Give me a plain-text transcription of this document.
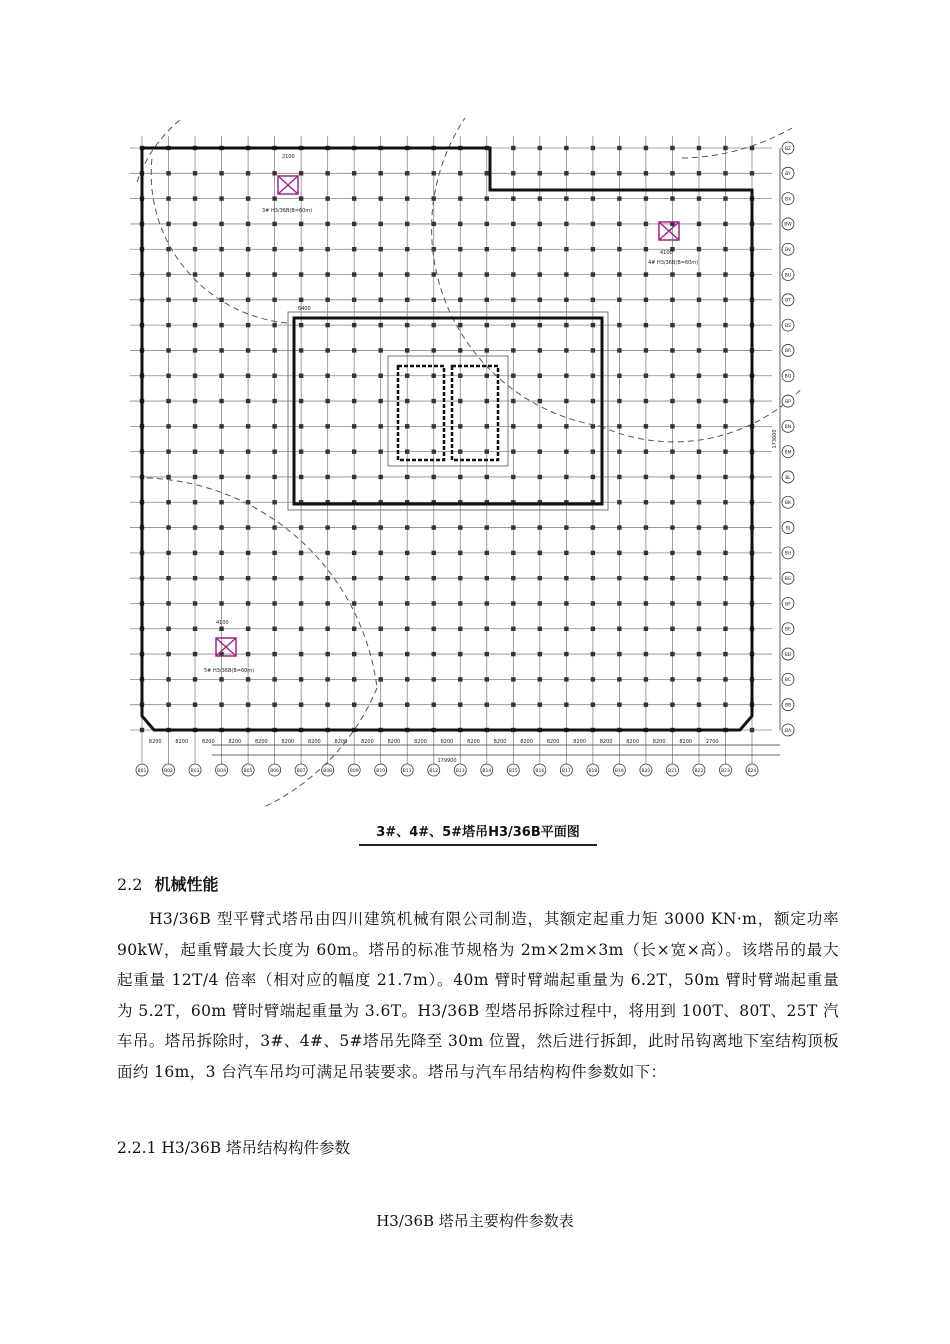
8200	8200	8200	8200	8200	8200	8200	8200	8200	8200	8200	8200	8200	8200	8200	8200	8200	8200	8200	8200	8200	2700
179900
173600
B01	B02	B03	B04	B05	B06	B07	B08	B09	B10	B11	B12	B13	B14	B15	B16	B17	B18	B19	B20	B21	B22	B23	B24
BZ
BY
BX
BW
BV
BU
BT
BS
BR
BQ
BP
BN
BM
BL
BK
BJ
BH
BG
BF
BE
BD
BC
BB
BA
3# H3/36B(B=60m)
4# H3/36B(B=60m)
5# H3/36B(B=60m)
2100
4100
4100
6400
3#、4#、5#塔吊H3/36B平面图
2.2 机械性能
H3/36B 型平臂式塔吊由四川建筑机械有限公司制造，其额定起重力矩 3000 KN·m，额定功率 90kW，起重臂最大长度为 60m。塔吊的标准节规格为 2m×2m×3m（长×宽×高）。该塔吊的最大起重量 12T/4 倍率（相对应的幅度 21.7m）。40m 臂时臂端起重量为 6.2T，50m 臂时臂端起重量为 5.2T，60m 臂时臂端起重量为 3.6T。H3/36B 型塔吊拆除过程中，将用到 100T、80T、25T 汽车吊。塔吊拆除时，3#、4#、5#塔吊先降至 30m 位置，然后进行拆卸，此时吊钩离地下室结构顶板面约 16m，3 台汽车吊均可满足吊装要求。塔吊与汽车吊结构构件参数如下：
2.2.1 H3/36B 塔吊结构构件参数
H3/36B 塔吊主要构件参数表
